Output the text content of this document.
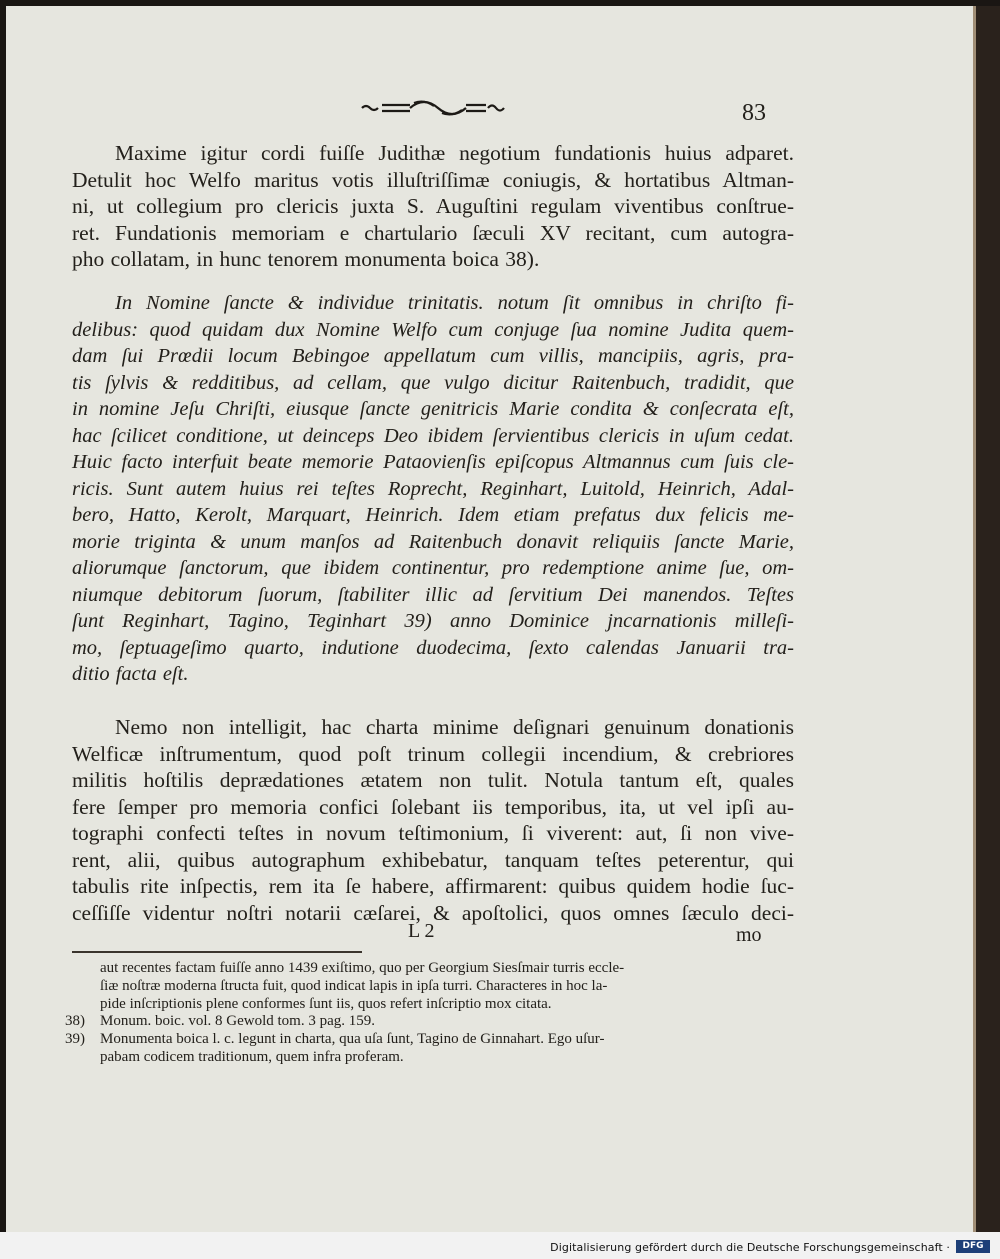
83
Maxime igitur cordi fuiſſe Judithæ negotium fundationis huius adparet.
Detulit hoc Welfo maritus votis illuſtriſſimæ coniugis, & hortatibus Altman-
ni, ut collegium pro clericis juxta S. Auguſtini regulam viventibus conſtrue-
ret. Fundationis memoriam e chartulario ſæculi XV recitant, cum autogra-
pho collatam, in hunc tenorem monumenta boica 38).
In Nomine ſancte & individue trinitatis. notum ſit omnibus in chriſto fi-
delibus: quod quidam dux Nomine Welfo cum conjuge ſua nomine Judita quem-
dam ſui Prœdii locum Bebingoe appellatum cum villis, mancipiis, agris, pra-
tis ſylvis & redditibus, ad cellam, que vulgo dicitur Raitenbuch, tradidit, que
in nomine Jeſu Chriſti, eiusque ſancte genitricis Marie condita & conſecrata eſt,
hac ſcilicet conditione, ut deinceps Deo ibidem ſervientibus clericis in uſum cedat.
Huic facto interfuit beate memorie Pataovienſis epiſcopus Altmannus cum ſuis cle-
ricis. Sunt autem huius rei teſtes Roprecht, Reginhart, Luitold, Heinrich, Adal-
bero, Hatto, Kerolt, Marquart, Heinrich. Idem etiam prefatus dux felicis me-
morie triginta & unum manſos ad Raitenbuch donavit reliquiis ſancte Marie,
aliorumque ſanctorum, que ibidem continentur, pro redemptione anime ſue, om-
niumque debitorum ſuorum, ſtabiliter illic ad ſervitium Dei manendos. Teſtes
ſunt Reginhart, Tagino, Teginhart 39) anno Dominice jncarnationis milleſi-
mo, ſeptuageſimo quarto, indutione duodecima, ſexto calendas Januarii tra-
ditio facta eſt.
Nemo non intelligit, hac charta minime deſignari genuinum donationis
Welficæ inſtrumentum, quod poſt trinum collegii incendium, & crebriores
militis hoſtilis deprædationes ætatem non tulit. Notula tantum eſt, quales
fere ſemper pro memoria confici ſolebant iis temporibus, ita, ut vel ipſi au-
tographi confecti teſtes in novum teſtimonium, ſi viverent: aut, ſi non vive-
rent, alii, quibus autographum exhibebatur, tanquam teſtes peterentur, qui
tabulis rite inſpectis, rem ita ſe habere, affirmarent: quibus quidem hodie ſuc-
ceſſiſſe videntur noſtri notarii cæſarei, & apoſtolici, quos omnes ſæculo deci-
L 2	mo
aut recentes factam fuiſſe anno 1439 exiſtimo, quo per Georgium Siesſmair turris eccle-
ſiæ noſtræ moderna ſtructa fuit, quod indicat lapis in ipſa turri. Characteres in hoc la-
pide inſcriptionis plene conformes ſunt iis, quos refert inſcriptio mox citata.
38) Monum. boic. vol. 8 Gewold tom. 3 pag. 159.
39) Monumenta boica l. c. legunt in charta, qua uſa ſunt, Tagino de Ginnahart. Ego uſur-
pabam codicem traditionum, quem infra proferam.
Digitalisierung gefördert durch die Deutsche Forschungsgemeinschaft ·	DFG
